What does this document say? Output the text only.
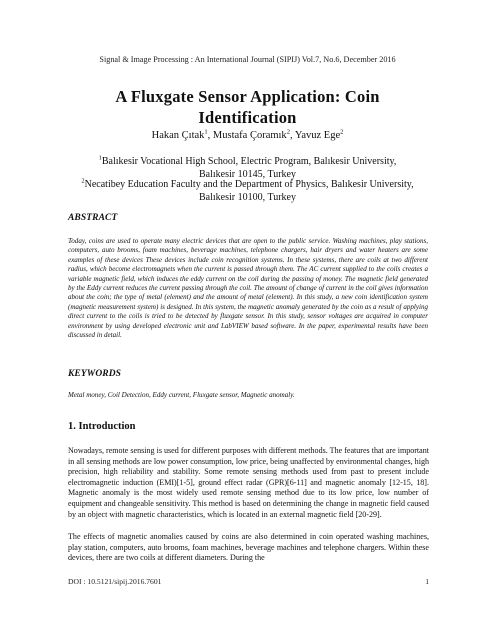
Signal & Image Processing : An International Journal (SIPIJ) Vol.7, No.6, December 2016
A Fluxgate Sensor Application: Coin
Identification
Hakan Çıtak$^1$, Mustafa Çoramık$^2$, Yavuz Ege$^2$
$^1$Balıkesir Vocational High School, Electric Program, Balıkesir University,
Balıkesir 10145, Turkey
$^2$Necatibey Education Faculty and the Department of Physics, Balıkesir University,
Balıkesir 10100, Turkey
ABSTRACT
Today, coins are used to operate many electric devices that are open to the public service. Washing machines, play stations, computers, auto brooms, foam machines, beverage machines, telephone chargers, hair dryers and water heaters are some examples of these devices These devices include coin recognition systems. In these systems, there are coils at two different radius, which become electromagnets when the current is passed through them. The AC current supplied to the coils creates a variable magnetic field, which induces the eddy current on the coil during the passing of money. The magnetic field generated by the Eddy current reduces the current passing through the coil. The amount of change of current in the coil gives information about the coin; the type of metal (element) and the amount of metal (element). In this study, a new coin identification system (magnetic measurement system) is designed. In this system, the magnetic anomaly generated by the coin as a result of applying direct current to the coils is tried to be detected by fluxgate sensor. In this study, sensor voltages are acquired in computer environment by using developed electronic unit and LabVIEW based software. In the paper, experimental results have been discussed in detail.
KEYWORDS
Metal money, Coil Detection, Eddy current, Fluxgate sensor, Magnetic anomaly.
1. Introduction
Nowadays, remote sensing is used for different purposes with different methods. The features that are important in all sensing methods are low power consumption, low price, being unaffected by environmental changes, high precision, high reliability and stability. Some remote sensing methods used from past to present include electromagnetic induction (EMI)[1-5], ground effect radar (GPR)[6-11] and magnetic anomaly [12-15, 18]. Magnetic anomaly is the most widely used remote sensing method due to its low price, low number of equipment and changeable sensitivity. This method is based on determining the change in magnetic field caused by an object with magnetic characteristics, which is located in an external magnetic field [20-29].
The effects of magnetic anomalies caused by coins are also determined in coin operated washing machines, play station, computers, auto brooms, foam machines, beverage machines and telephone chargers. Within these devices, there are two coils at different diameters. During the
DOI : 10.5121/sipij.2016.7601	1
